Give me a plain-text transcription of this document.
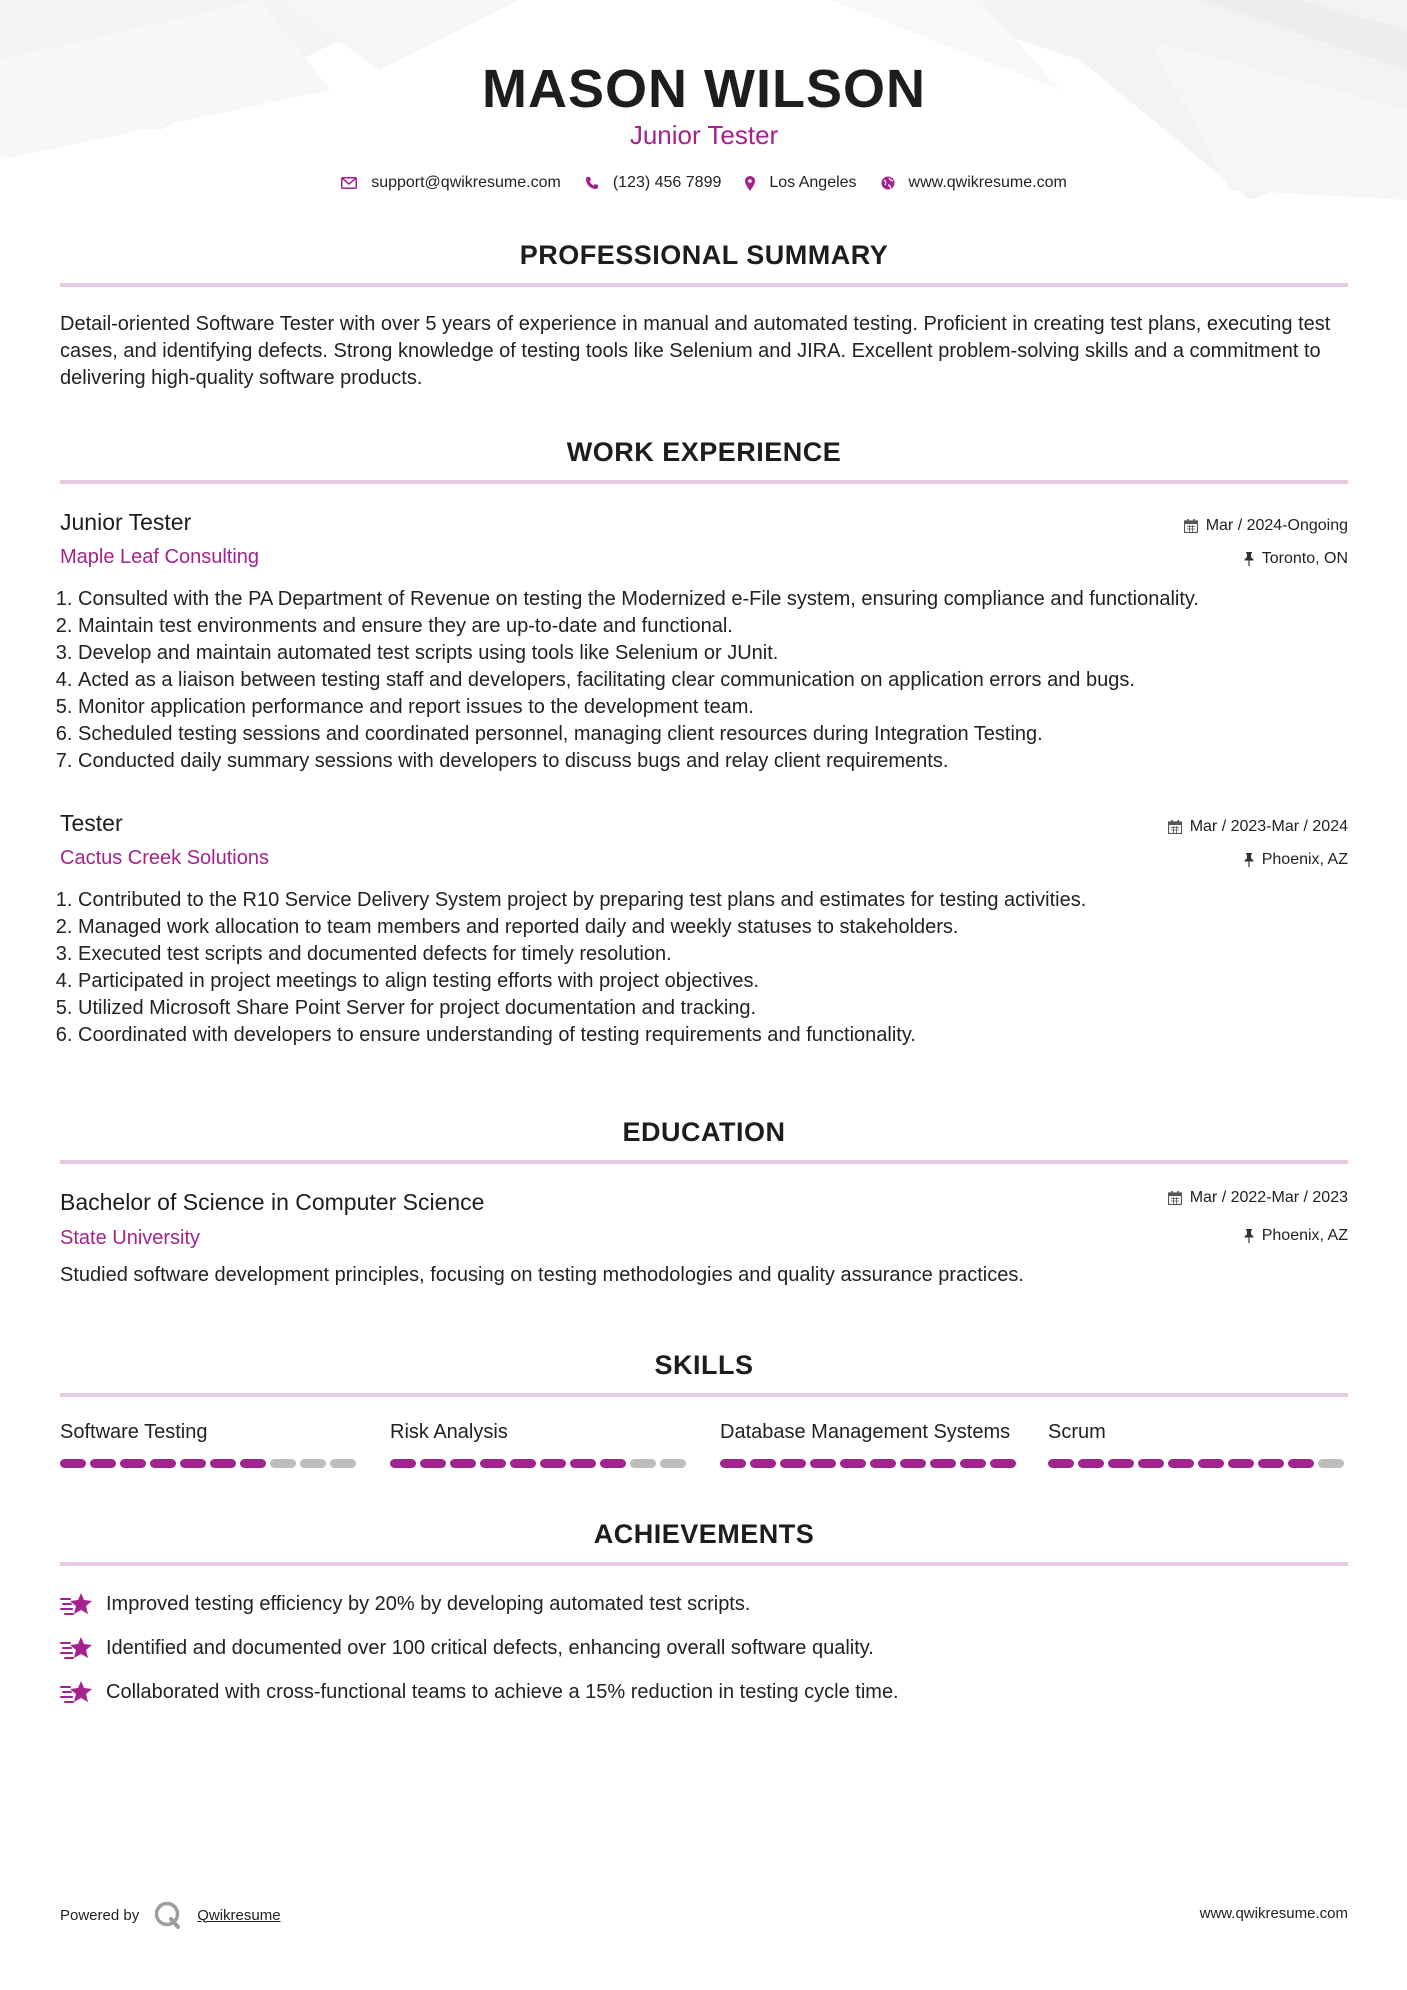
MASON WILSON
Junior Tester
support@qwikresume.com	(123) 456 7899	Los Angeles	www.qwikresume.com
PROFESSIONAL SUMMARY
Detail-oriented Software Tester with over 5 years of experience in manual and automated testing. Proficient in creating test plans, executing test cases, and identifying defects. Strong knowledge of testing tools like Selenium and JIRA. Excellent problem-solving skills and a commitment to delivering high-quality software products.
WORK EXPERIENCE
Junior Tester
Maple Leaf Consulting
Mar / 2024-Ongoing
Toronto, ON
1. Consulted with the PA Department of Revenue on testing the Modernized e-File system, ensuring compliance and functionality.
2. Maintain test environments and ensure they are up-to-date and functional.
3. Develop and maintain automated test scripts using tools like Selenium or JUnit.
4. Acted as a liaison between testing staff and developers, facilitating clear communication on application errors and bugs.
5. Monitor application performance and report issues to the development team.
6. Scheduled testing sessions and coordinated personnel, managing client resources during Integration Testing.
7. Conducted daily summary sessions with developers to discuss bugs and relay client requirements.
Tester
Cactus Creek Solutions
Mar / 2023-Mar / 2024
Phoenix, AZ
1. Contributed to the R10 Service Delivery System project by preparing test plans and estimates for testing activities.
2. Managed work allocation to team members and reported daily and weekly statuses to stakeholders.
3. Executed test scripts and documented defects for timely resolution.
4. Participated in project meetings to align testing efforts with project objectives.
5. Utilized Microsoft Share Point Server for project documentation and tracking.
6. Coordinated with developers to ensure understanding of testing requirements and functionality.
EDUCATION
Bachelor of Science in Computer Science
State University
Mar / 2022-Mar / 2023
Phoenix, AZ
Studied software development principles, focusing on testing methodologies and quality assurance practices.
SKILLS
Software Testing	Risk Analysis	Database Management Systems	Scrum
ACHIEVEMENTS
Improved testing efficiency by 20% by developing automated test scripts.
Identified and documented over 100 critical defects, enhancing overall software quality.
Collaborated with cross-functional teams to achieve a 15% reduction in testing cycle time.
Powered by	Qwikresume	www.qwikresume.com
